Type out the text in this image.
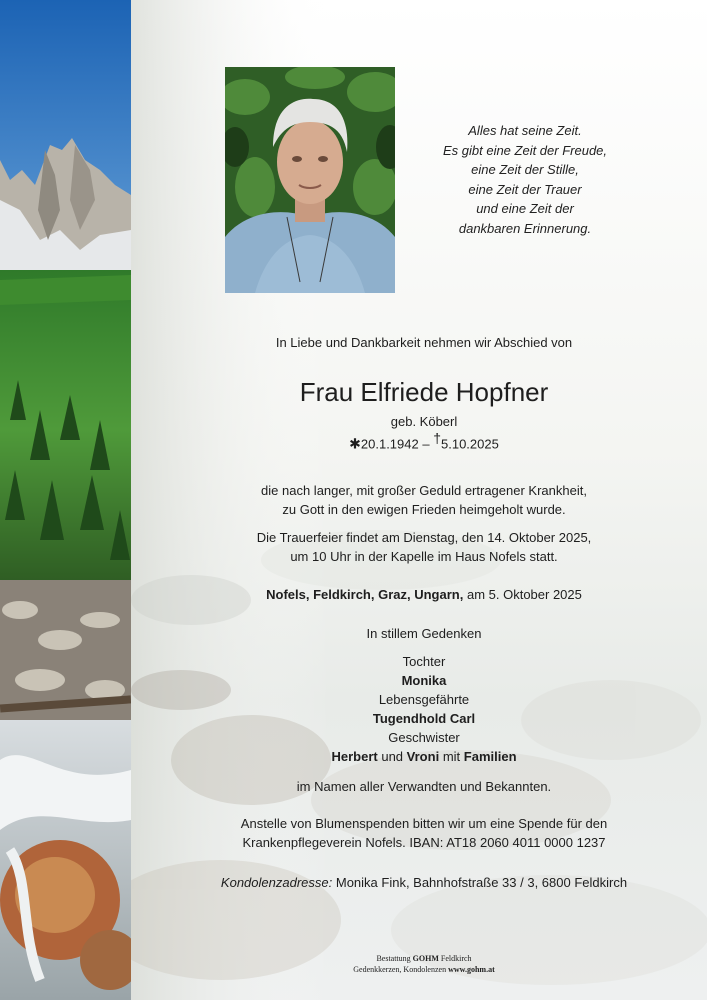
Alles hat seine Zeit.
Es gibt eine Zeit der Freude,
eine Zeit der Stille,
eine Zeit der Trauer
und eine Zeit der
dankbaren Erinnerung.
In Liebe und Dankbarkeit nehmen wir Abschied von
Frau Elfriede Hopfner
geb. Köberl
✱20.1.1942 – †5.10.2025
die nach langer, mit großer Geduld ertragener Krankheit,
zu Gott in den ewigen Frieden heimgeholt wurde.
Die Trauerfeier findet am Dienstag, den 14. Oktober 2025,
um 10 Uhr in der Kapelle im Haus Nofels statt.
Nofels, Feldkirch, Graz, Ungarn, am 5. Oktober 2025
In stillem Gedenken
Tochter
Monika
Lebensgefährte
Tugendhold Carl
Geschwister
Herbert und Vroni mit Familien
im Namen aller Verwandten und Bekannten.
Anstelle von Blumenspenden bitten wir um eine Spende für den
Krankenpflegeverein Nofels. IBAN: AT18 2060 4011 0000 1237
Kondolenzadresse: Monika Fink, Bahnhofstraße 33 / 3, 6800 Feldkirch
Bestattung GOHM Feldkirch
Gedenkkerzen, Kondolenzen www.gohm.at
